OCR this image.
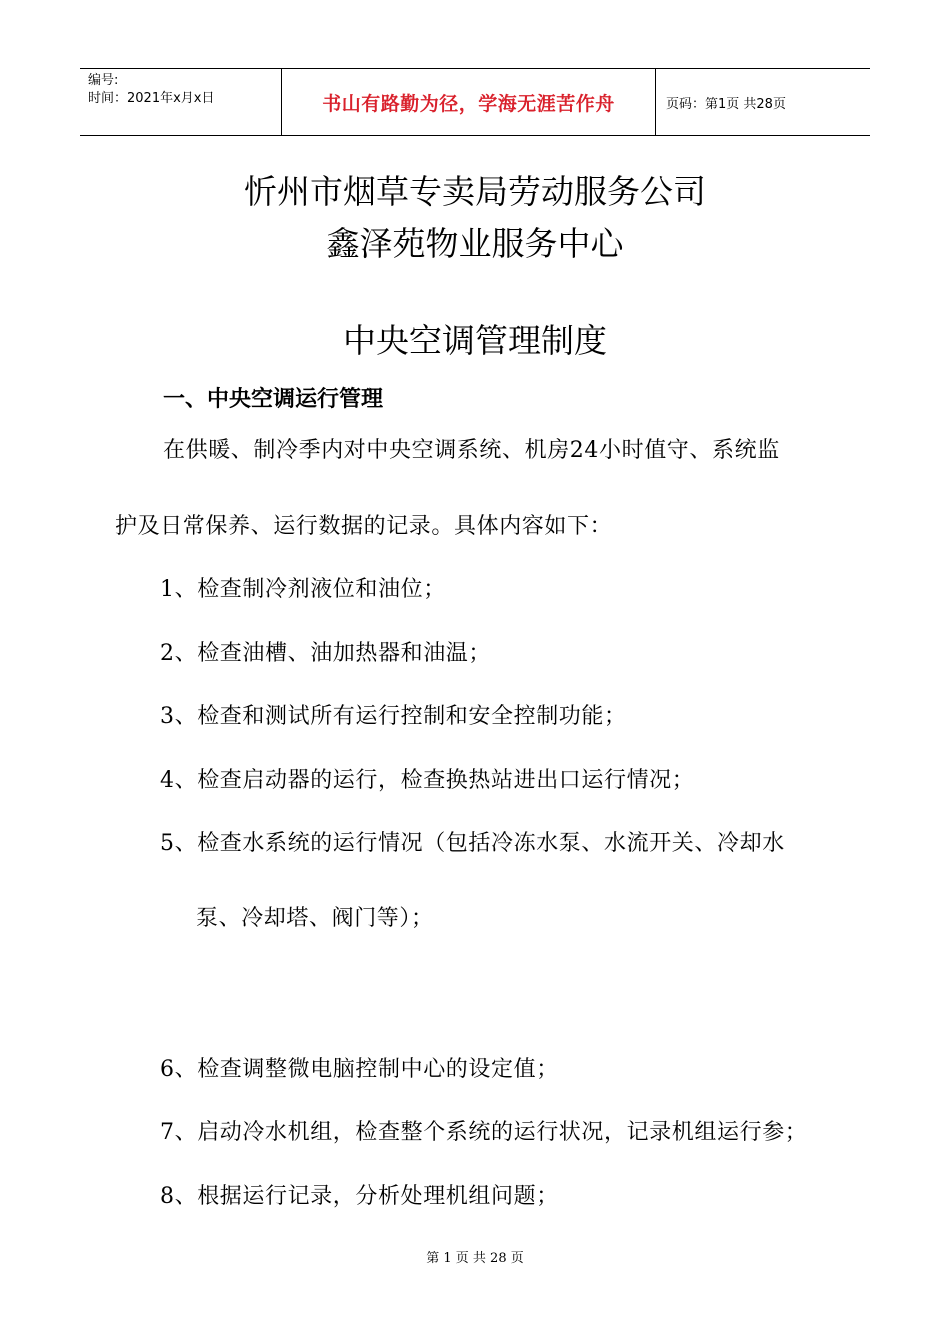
编号:
时间：2021年x月x日	书山有路勤为径，学海无涯苦作舟	页码：第1页 共28页
忻州市烟草专卖局劳动服务公司
鑫泽苑物业服务中心
中央空调管理制度
一、中央空调运行管理
在供暖、制冷季内对中央空调系统、机房24小时值守、系统监
护及日常保养、运行数据的记录。具体内容如下：
1、检查制冷剂液位和油位；
2、检查油槽、油加热器和油温；
3、检查和测试所有运行控制和安全控制功能；
4、检查启动器的运行，检查换热站进出口运行情况；
5、检查水系统的运行情况（包括冷冻水泵、水流开关、冷却水
泵、冷却塔、阀门等）；
6、检查调整微电脑控制中心的设定值；
7、启动冷水机组，检查整个系统的运行状况，记录机组运行参；
8、根据运行记录，分析处理机组问题；
第 1 页 共 28 页
